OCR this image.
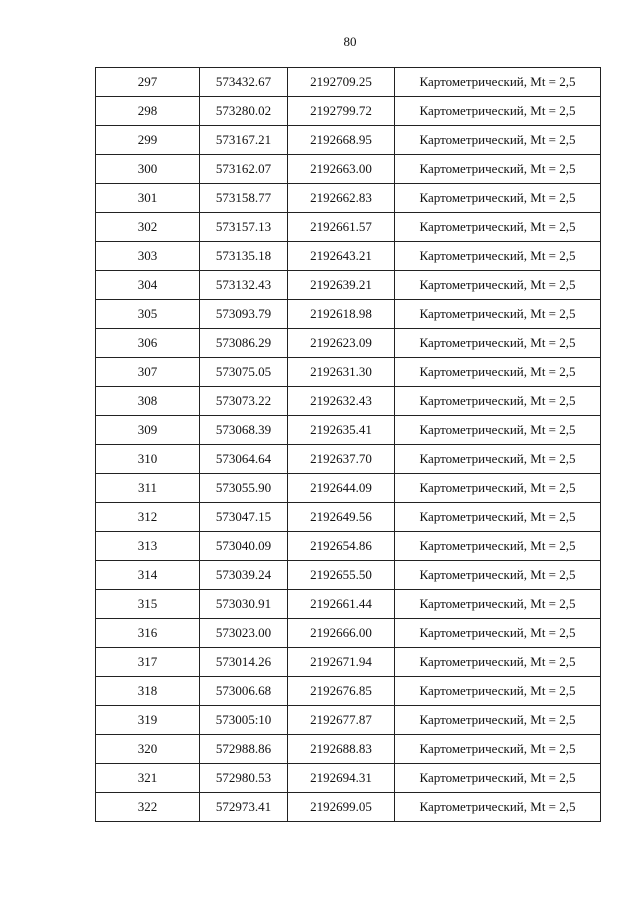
80
297	573432.67	2192709.25	Картометрический, Mt = 2,5
298	573280.02	2192799.72	Картометрический, Mt = 2,5
299	573167.21	2192668.95	Картометрический, Mt = 2,5
300	573162.07	2192663.00	Картометрический, Mt = 2,5
301	573158.77	2192662.83	Картометрический, Mt = 2,5
302	573157.13	2192661.57	Картометрический, Mt = 2,5
303	573135.18	2192643.21	Картометрический, Mt = 2,5
304	573132.43	2192639.21	Картометрический, Mt = 2,5
305	573093.79	2192618.98	Картометрический, Mt = 2,5
306	573086.29	2192623.09	Картометрический, Mt = 2,5
307	573075.05	2192631.30	Картометрический, Mt = 2,5
308	573073.22	2192632.43	Картометрический, Mt = 2,5
309	573068.39	2192635.41	Картометрический, Mt = 2,5
310	573064.64	2192637.70	Картометрический, Mt = 2,5
311	573055.90	2192644.09	Картометрический, Mt = 2,5
312	573047.15	2192649.56	Картометрический, Mt = 2,5
313	573040.09	2192654.86	Картометрический, Mt = 2,5
314	573039.24	2192655.50	Картометрический, Mt = 2,5
315	573030.91	2192661.44	Картометрический, Mt = 2,5
316	573023.00	2192666.00	Картометрический, Mt = 2,5
317	573014.26	2192671.94	Картометрический, Mt = 2,5
318	573006.68	2192676.85	Картометрический, Mt = 2,5
319	573005:10	2192677.87	Картометрический, Mt = 2,5
320	572988.86	2192688.83	Картометрический, Mt = 2,5
321	572980.53	2192694.31	Картометрический, Mt = 2,5
322	572973.41	2192699.05	Картометрический, Mt = 2,5
